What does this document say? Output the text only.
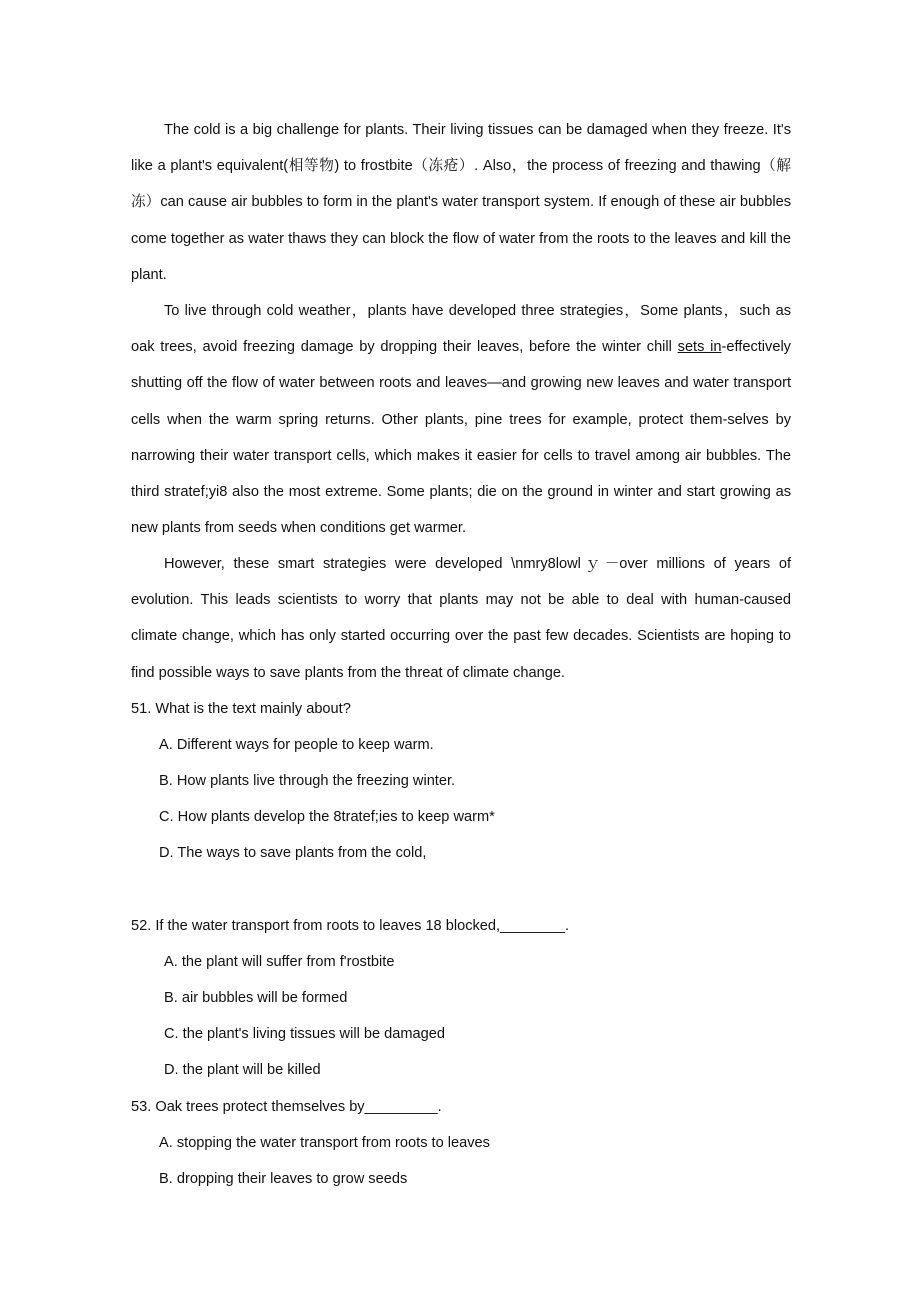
The cold is a big challenge for plants. Their living tissues can be damaged when they freeze. It's like a plant's equivalent(相等物) to frostbite（冻疮）. Also，the process of freezing and thawing（解冻）can cause air bubbles to form in the plant's water transport system. If enough of these air bubbles come together as water thaws they can block the flow of water from the roots to the leaves and kill the plant.

To live through cold weather，plants have developed three strategies，Some plants，such as oak trees, avoid freezing damage by dropping their leaves, before the winter chill sets in-effectively shutting off the flow of water between roots and leaves—and growing new leaves and water transport cells when the warm spring returns. Other plants, pine trees for example, protect them-selves by narrowing their water transport cells, which makes it easier for cells to travel among air bubbles. The third stratef;yi8 also the most extreme. Some plants; die on the ground in winter and start growing as new plants from seeds when conditions get warmer.

However, these smart strategies were developed \nmry8lowlｙ－over millions of years of evolution. This leads scientists to worry that plants may not be able to deal with human-caused climate change, which has only started occurring over the past few decades. Scientists are hoping to find possible ways to save plants from the threat of climate change.

51. What is the text mainly about?

A. Different ways for people to keep warm.

B. How plants live through the freezing winter.

C. How plants develop the 8tratef;ies to keep warm*

D. The ways to save plants from the cold,

52. If the water transport from roots to leaves 18 blocked,________.

A. the plant will suffer from f'rostbite

B. air bubbles will be formed

C. the plant's living tissues will be damaged

D. the plant will be killed

53. Oak trees protect themselves by_________.

A. stopping the water transport from roots to leaves

B. dropping their leaves to grow seeds
